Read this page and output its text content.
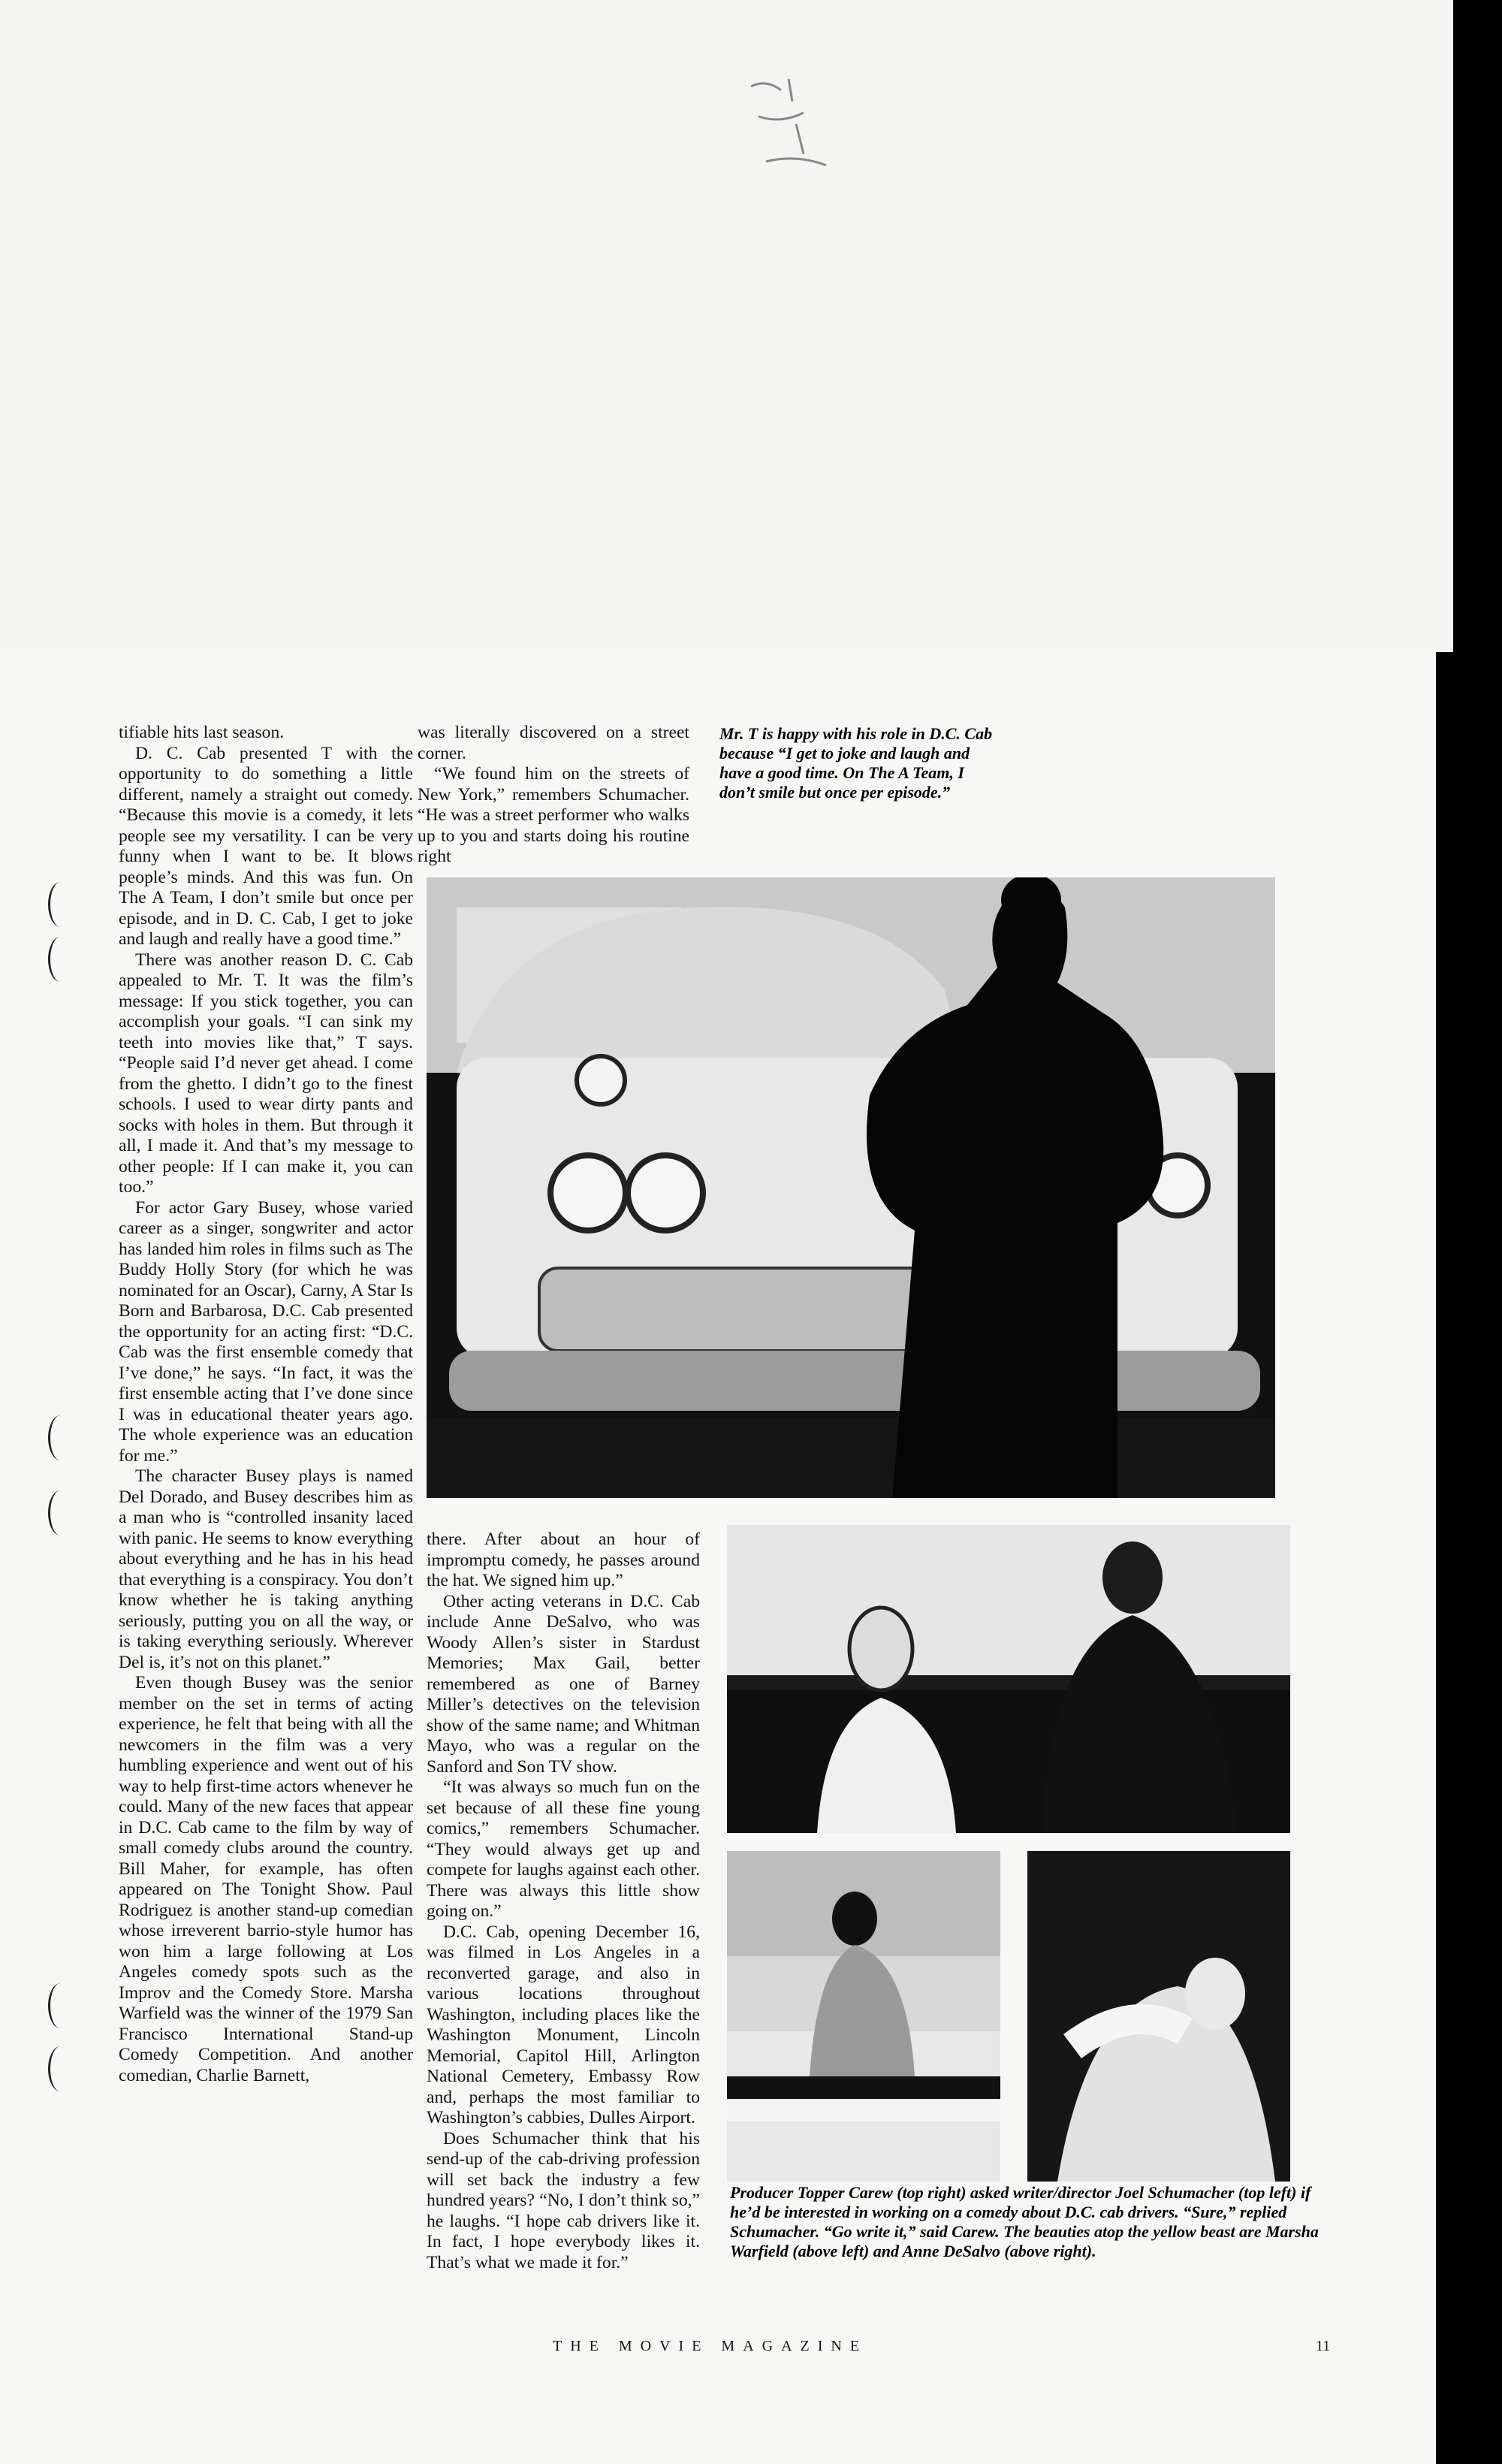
tifiable hits last season.

D. C. Cab presented T with the opportunity to do something a little different, namely a straight out comedy. “Because this movie is a comedy, it lets people see my versatility. I can be very funny when I want to be. It blows people’s minds. And this was fun. On The A Team, I don’t smile but once per episode, and in D. C. Cab, I get to joke and laugh and really have a good time.”

There was another reason D. C. Cab appealed to Mr. T. It was the film’s message: If you stick together, you can accomplish your goals. “I can sink my teeth into movies like that,” T says. “People said I’d never get ahead. I come from the ghetto. I didn’t go to the finest schools. I used to wear dirty pants and socks with holes in them. But through it all, I made it. And that’s my message to other people: If I can make it, you can too.”

For actor Gary Busey, whose varied career as a singer, songwriter and actor has landed him roles in films such as The Buddy Holly Story (for which he was nominated for an Oscar), Carny, A Star Is Born and Barbarosa, D.C. Cab presented the opportunity for an acting first: “D.C. Cab was the first ensemble comedy that I’ve done,” he says. “In fact, it was the first ensemble acting that I’ve done since I was in educational theater years ago. The whole experience was an education for me.”

The character Busey plays is named Del Dorado, and Busey describes him as a man who is “controlled insanity laced with panic. He seems to know everything about everything and he has in his head that everything is a conspiracy. You don’t know whether he is taking anything seriously, putting you on all the way, or is taking everything seriously. Wherever Del is, it’s not on this planet.”

Even though Busey was the senior member on the set in terms of acting experience, he felt that being with all the newcomers in the film was a very humbling experience and went out of his way to help first-time actors whenever he could. Many of the new faces that appear in D.C. Cab came to the film by way of small comedy clubs around the country. Bill Maher, for example, has often appeared on The Tonight Show. Paul Rodriguez is another stand-up comedian whose irreverent barrio-style humor has won him a large following at Los Angeles comedy spots such as the Improv and the Comedy Store. Marsha Warfield was the winner of the 1979 San Francisco International Stand-up Comedy Competition. And another comedian, Charlie Barnett,

was literally discovered on a street corner.

“We found him on the streets of New York,” remembers Schumacher. “He was a street performer who walks up to you and starts doing his routine right

Mr. T is happy with his role in D.C. Cab because “I get to joke and laugh and have a good time. On The A Team, I don’t smile but once per episode.”

there. After about an hour of impromptu comedy, he passes around the hat. We signed him up.”

Other acting veterans in D.C. Cab include Anne DeSalvo, who was Woody Allen’s sister in Stardust Memories; Max Gail, better remembered as one of Barney Miller’s detectives on the television show of the same name; and Whitman Mayo, who was a regular on the Sanford and Son TV show.

“It was always so much fun on the set because of all these fine young comics,” remembers Schumacher. “They would always get up and compete for laughs against each other. There was always this little show going on.”

D.C. Cab, opening December 16, was filmed in Los Angeles in a reconverted garage, and also in various locations throughout Washington, including places like the Washington Monument, Lincoln Memorial, Capitol Hill, Arlington National Cemetery, Embassy Row and, perhaps the most familiar to Washington’s cabbies, Dulles Airport.

Does Schumacher think that his send-up of the cab-driving profession will set back the industry a few hundred years? “No, I don’t think so,” he laughs. “I hope cab drivers like it. In fact, I hope everybody likes it. That’s what we made it for.”

Producer Topper Carew (top right) asked writer/director Joel Schumacher (top left) if he’d be interested in working on a comedy about D.C. cab drivers. “Sure,” replied Schumacher. “Go write it,” said Carew. The beauties atop the yellow beast are Marsha Warfield (above left) and Anne DeSalvo (above right).
THE MOVIE MAGAZINE	11
